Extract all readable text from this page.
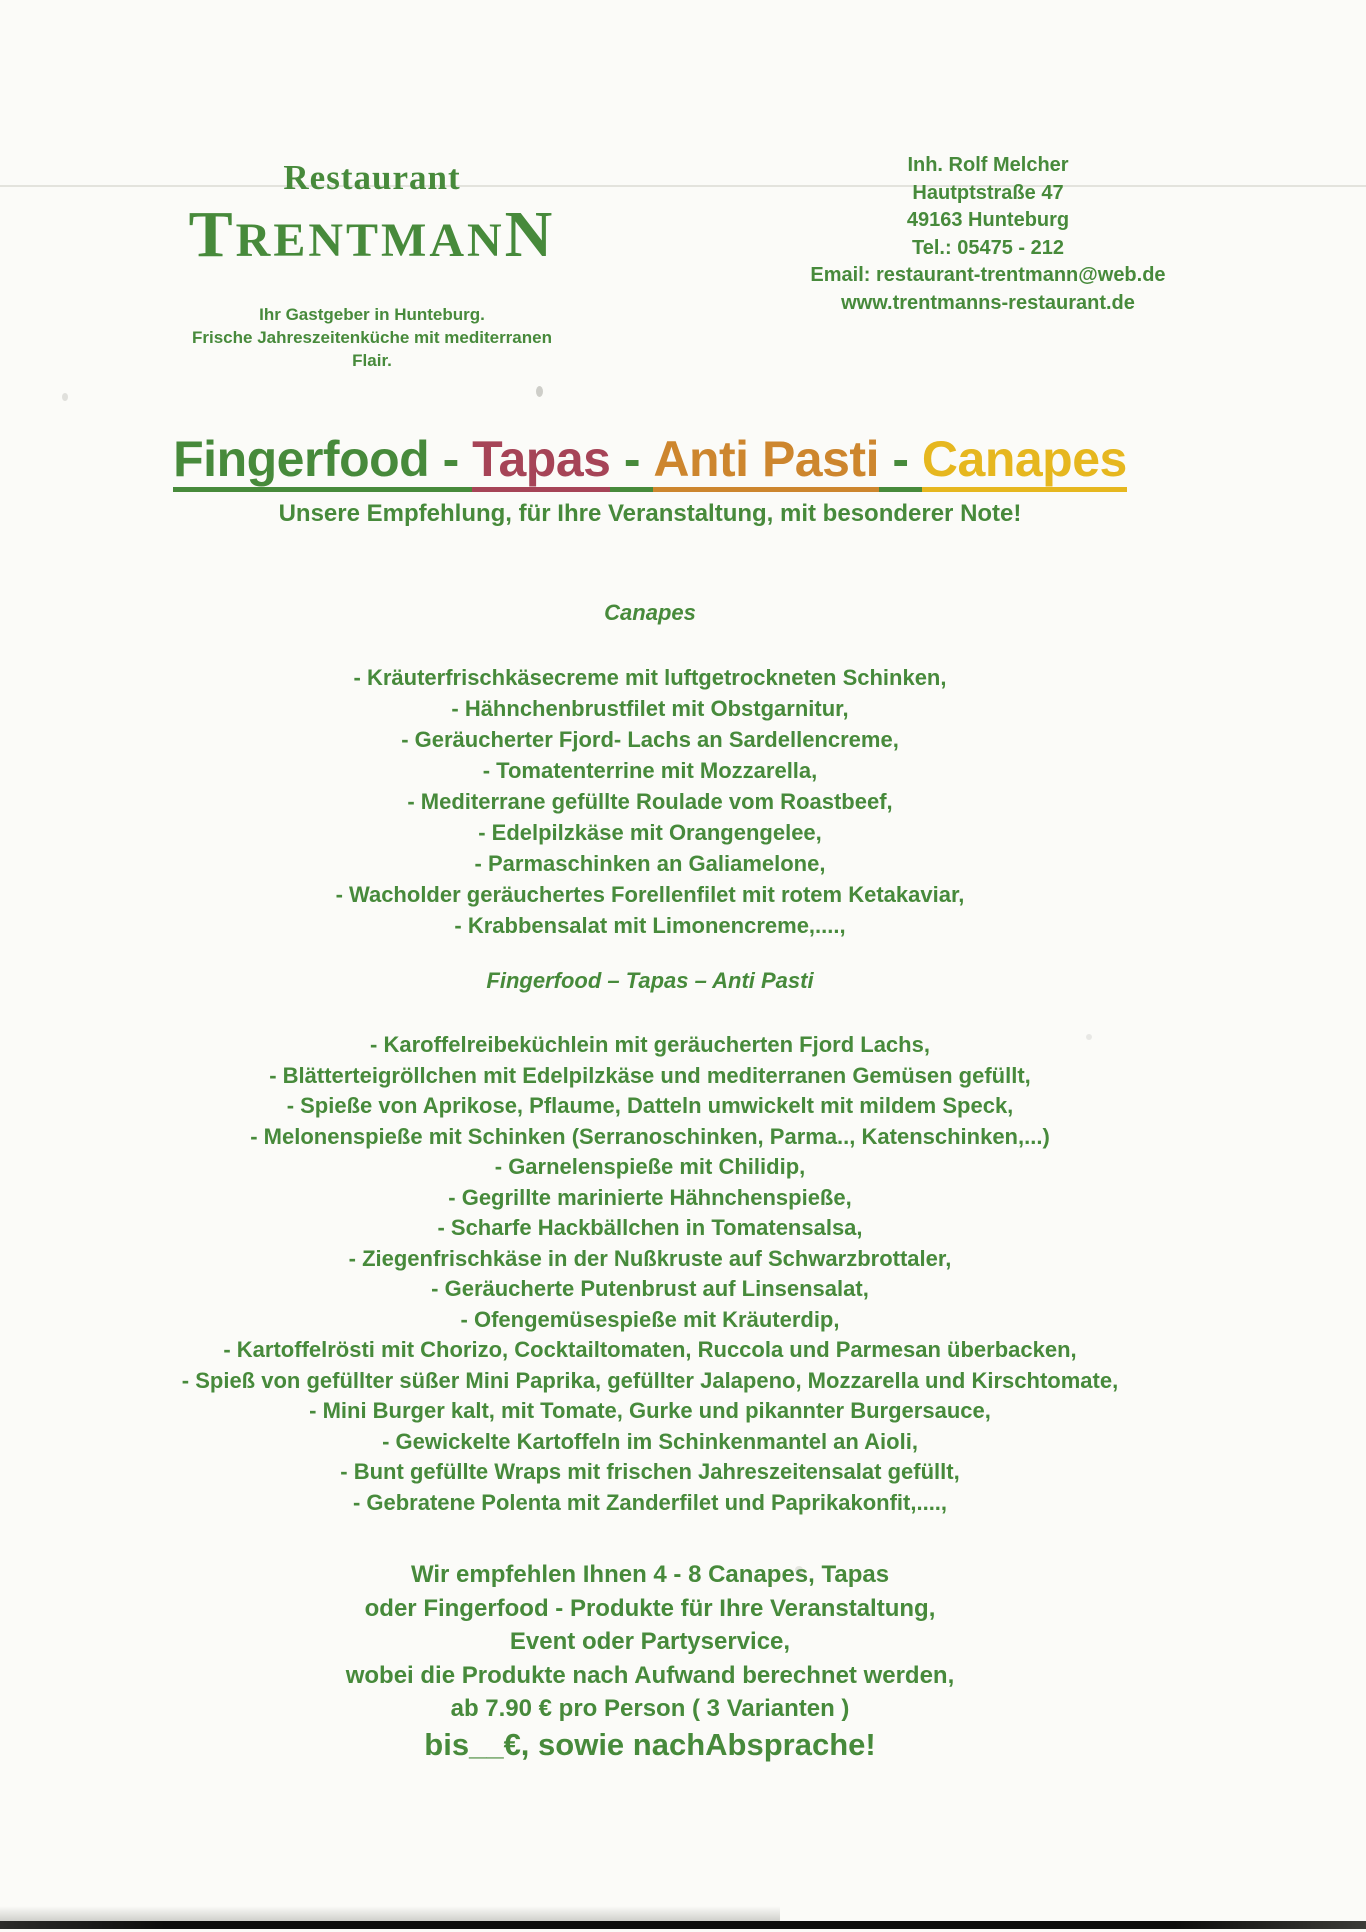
Restaurant
TRENTMANN
Ihr Gastgeber in Hunteburg.
Frische Jahreszeitenküche mit mediterranen Flair.
Inh. Rolf Melcher
Hautptstraße 47
49163 Hunteburg
Tel.: 05475 - 212
Email: restaurant-trentmann@web.de
www.trentmanns-restaurant.de
Fingerfood - Tapas - Anti Pasti - Canapes
Unsere Empfehlung, für Ihre Veranstaltung, mit besonderer Note!
Canapes
- Kräuterfrischkäsecreme mit luftgetrockneten Schinken,
- Hähnchenbrustfilet mit Obstgarnitur,
- Geräucherter Fjord- Lachs an Sardellencreme,
- Tomatenterrine mit Mozzarella,
- Mediterrane gefüllte Roulade vom Roastbeef,
- Edelpilzkäse mit Orangengelee,
- Parmaschinken an Galiamelone,
- Wacholder geräuchertes Forellenfilet mit rotem Ketakaviar,
- Krabbensalat mit Limonencreme,....,
Fingerfood – Tapas – Anti Pasti
- Karoffelreibeküchlein mit geräucherten Fjord Lachs,
- Blätterteigröllchen mit Edelpilzkäse und mediterranen Gemüsen gefüllt,
- Spieße von Aprikose, Pflaume, Datteln umwickelt mit mildem Speck,
- Melonenspieße mit Schinken (Serranoschinken, Parma.., Katenschinken,...)
- Garnelenspieße mit Chilidip,
- Gegrillte marinierte Hähnchenspieße,
- Scharfe Hackbällchen in Tomatensalsa,
- Ziegenfrischkäse in der Nußkruste auf Schwarzbrottaler,
- Geräucherte Putenbrust auf Linsensalat,
- Ofengemüsespieße mit Kräuterdip,
- Kartoffelrösti mit Chorizo, Cocktailtomaten, Ruccola und Parmesan überbacken,
- Spieß von gefüllter süßer Mini Paprika, gefüllter Jalapeno, Mozzarella und Kirschtomate,
- Mini Burger kalt, mit Tomate, Gurke und pikannter Burgersauce,
- Gewickelte Kartoffeln im Schinkenmantel an Aioli,
- Bunt gefüllte Wraps mit frischen Jahreszeitensalat gefüllt,
- Gebratene Polenta mit Zanderfilet und Paprikakonfit,....,
Wir empfehlen Ihnen 4 - 8 Canapes, Tapas
oder Fingerfood - Produkte für Ihre Veranstaltung,
Event oder Partyservice,
wobei die Produkte nach Aufwand berechnet werden,
ab 7.90 € pro Person ( 3 Varianten )
bis__€, sowie nachAbsprache!
